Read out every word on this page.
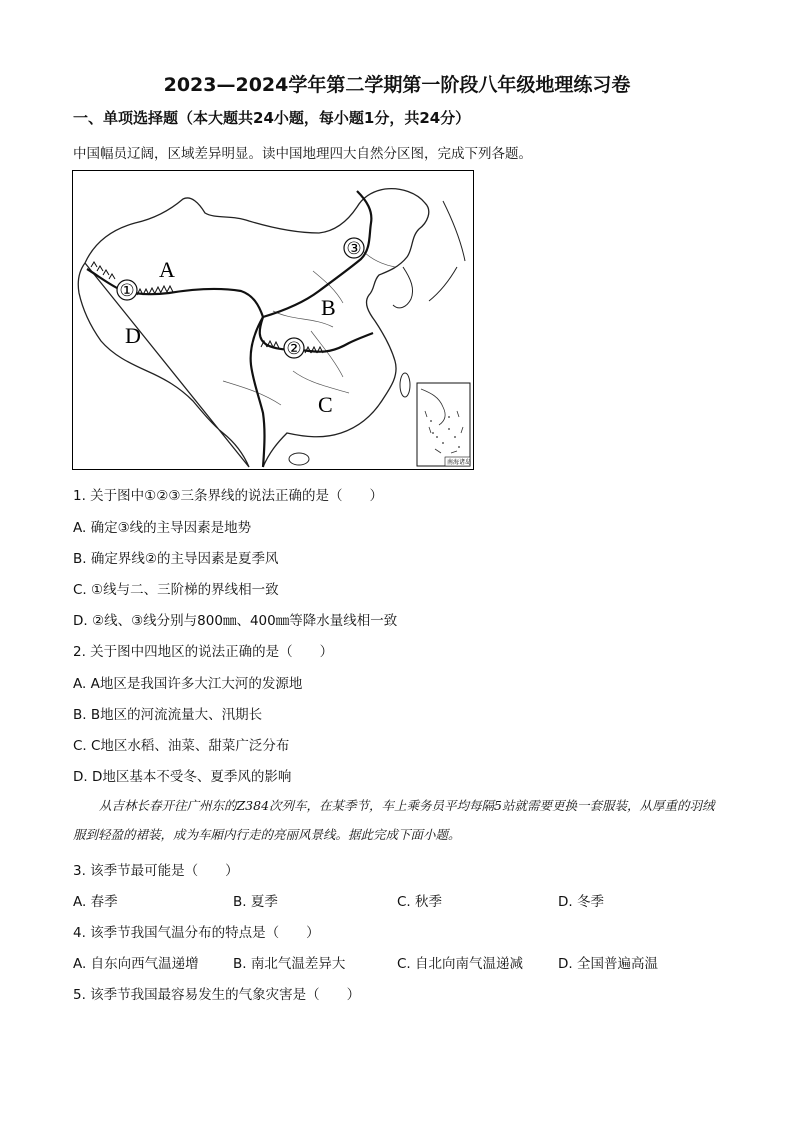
2023—2024学年第二学期第一阶段八年级地理练习卷
一、单项选择题（本大题共24小题，每小题1分，共24分）
中国幅员辽阔，区域差异明显。读中国地理四大自然分区图，完成下列各题。
①
②
③
A
B
C
D
南海诸岛
1. 关于图中①②③三条界线的说法正确的是（　　）
A. 确定③线的主导因素是地势
B. 确定界线②的主导因素是夏季风
C. ①线与二、三阶梯的界线相一致
D. ②线、③线分别与800㎜、400㎜等降水量线相一致
2. 关于图中四地区的说法正确的是（　　）
A. A地区是我国许多大江大河的发源地
B. B地区的河流流量大、汛期长
C. C地区水稻、油菜、甜菜广泛分布
D. D地区基本不受冬、夏季风的影响
从吉林长春开往广州东的Z384次列车，在某季节，车上乘务员平均每隔5站就需要更换一套服装，从厚重的羽绒服到轻盈的裙装，成为车厢内行走的亮丽风景线。据此完成下面小题。
3. 该季节最可能是（　　）
A. 春季	B. 夏季	C. 秋季	D. 冬季
4. 该季节我国气温分布的特点是（　　）
A. 自东向西气温递增	B. 南北气温差异大	C. 自北向南气温递减	D. 全国普遍高温
5. 该季节我国最容易发生的气象灾害是（　　）
